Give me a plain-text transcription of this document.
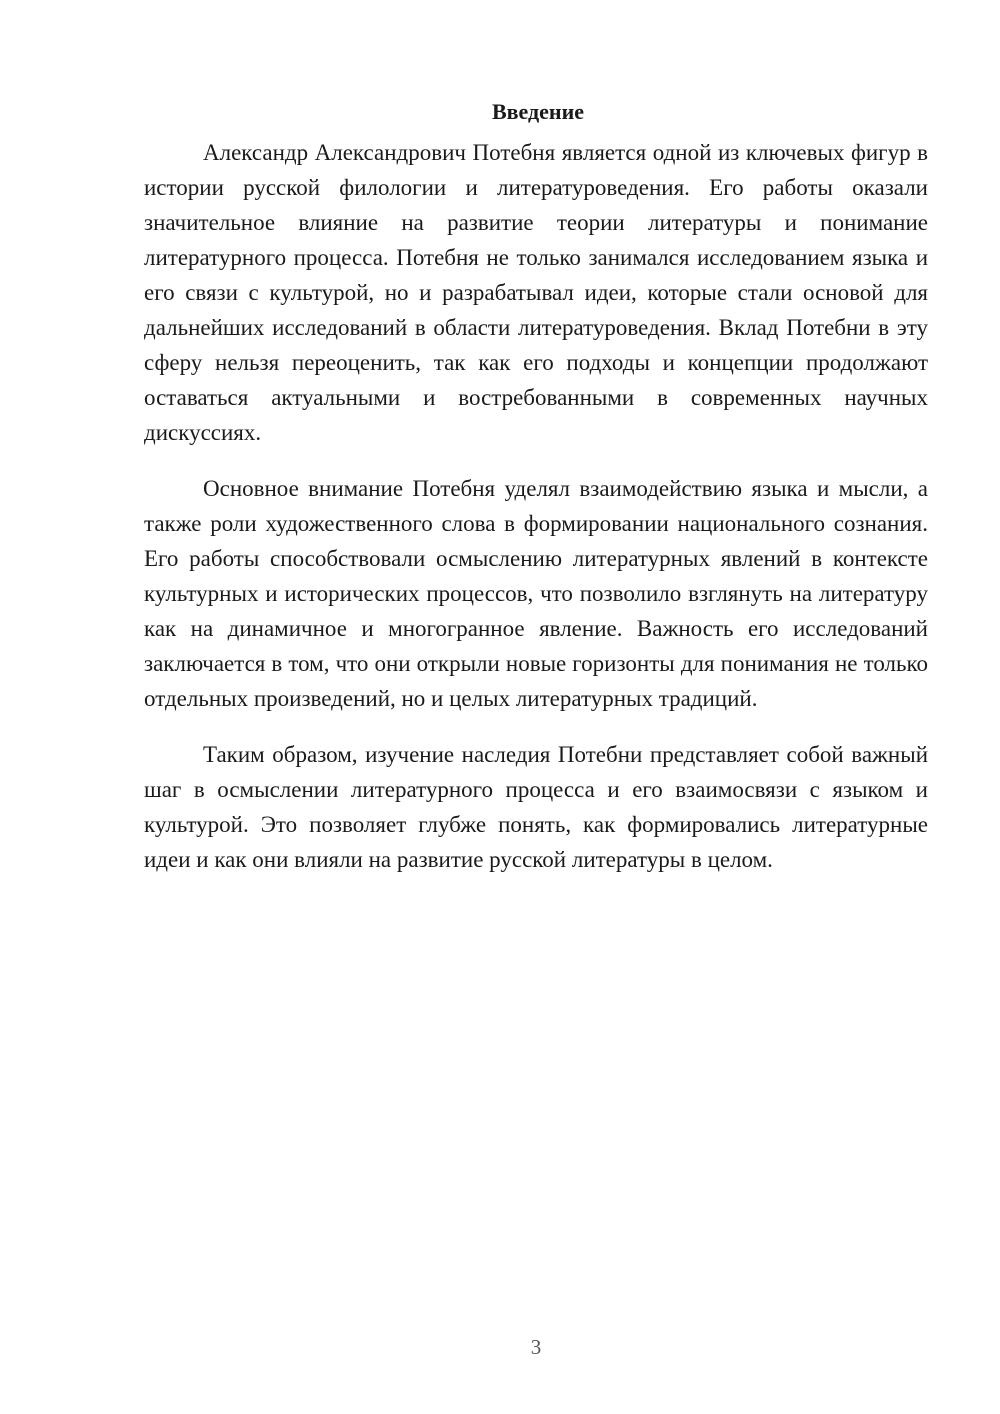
Введение

Александр Александрович Потебня является одной из ключевых фигур в истории русской филологии и литературоведения. Его работы оказали значительное влияние на развитие теории литературы и понимание литературного процесса. Потебня не только занимался исследованием языка и его связи с культурой, но и разрабатывал идеи, которые стали основой для дальнейших исследований в области литературоведения. Вклад Потебни в эту сферу нельзя переоценить, так как его подходы и концепции продолжают оставаться актуальными и востребованными в современных научных дискуссиях.

Основное внимание Потебня уделял взаимодействию языка и мысли, а также роли художественного слова в формировании национального сознания. Его работы способствовали осмыслению литературных явлений в контексте культурных и исторических процессов, что позволило взглянуть на литературу как на динамичное и многогранное явление. Важность его исследований заключается в том, что они открыли новые горизонты для понимания не только отдельных произведений, но и целых литературных традиций.

Таким образом, изучение наследия Потебни представляет собой важный шаг в осмыслении литературного процесса и его взаимосвязи с языком и культурой. Это позволяет глубже понять, как формировались литературные идеи и как они влияли на развитие русской литературы в целом.

3
